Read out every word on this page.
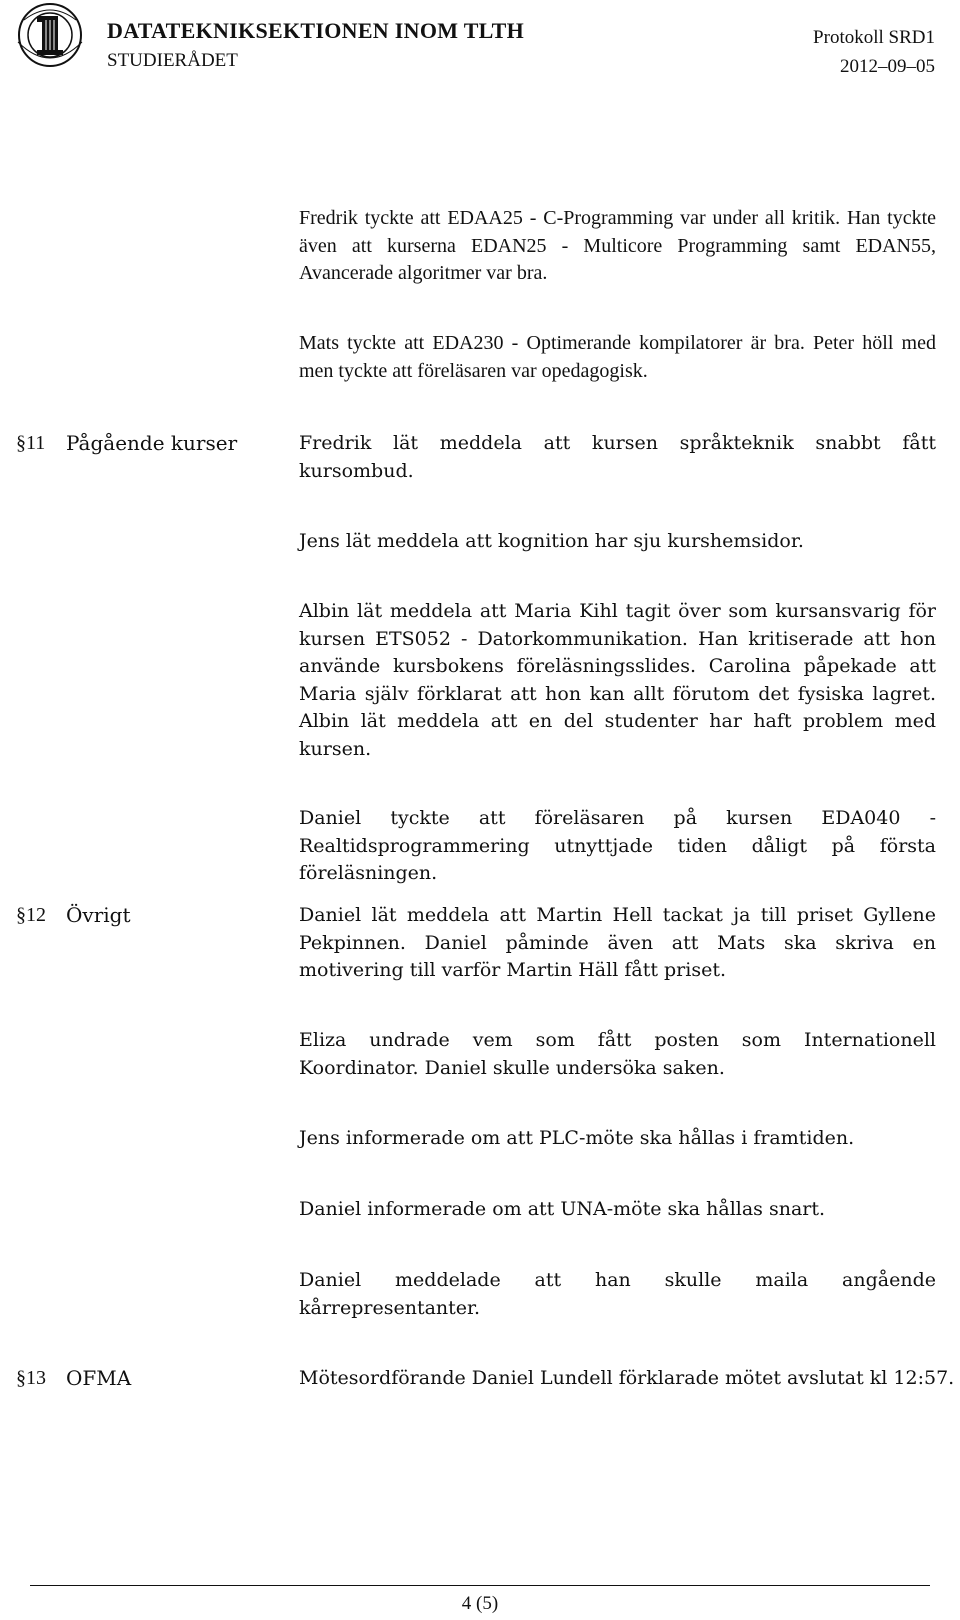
DATATEKNIKSEKTIONEN INOM TLTH
STUDIERÅDET
Protokoll SRD1
2012–09–05
Fredrik tyckte att EDAA25 - C-Programming var under all kritik. Han tyckte även att kurserna EDAN25 - Multicore Programming samt EDAN55, Avancerade algoritmer var bra.
Mats tyckte att EDA230 - Optimerande kompilatorer är bra. Peter höll med men tyckte att föreläsaren var opedagogisk.
§11 Pågående kurser	Fredrik lät meddela att kursen språkteknik snabbt fått kursombud.
Jens lät meddela att kognition har sju kurshemsidor.
Albin lät meddela att Maria Kihl tagit över som kursansvarig för kursen ETS052 - Datorkommunikation. Han kritiserade att hon använde kursbokens föreläsningsslides. Carolina påpekade att Maria själv förklarat att hon kan allt förutom det fysiska lagret. Albin lät meddela att en del studenter har haft problem med kursen.
Daniel tyckte att föreläsaren på kursen EDA040 - Realtidsprogrammering utnyttjade tiden dåligt på första föreläsningen.
§12 Övrigt	Daniel lät meddela att Martin Hell tackat ja till priset Gyllene Pekpinnen. Daniel påminde även att Mats ska skriva en motivering till varför Martin Häll fått priset.
Eliza undrade vem som fått posten som Internationell Koordinator. Daniel skulle undersöka saken.
Jens informerade om att PLC-möte ska hållas i framtiden.
Daniel informerade om att UNA-möte ska hållas snart.
Daniel meddelade att han skulle maila angående kårrepresentanter.
§13 OFMA	Mötesordförande Daniel Lundell förklarade mötet avslutat kl 12:57.
4 (5)
